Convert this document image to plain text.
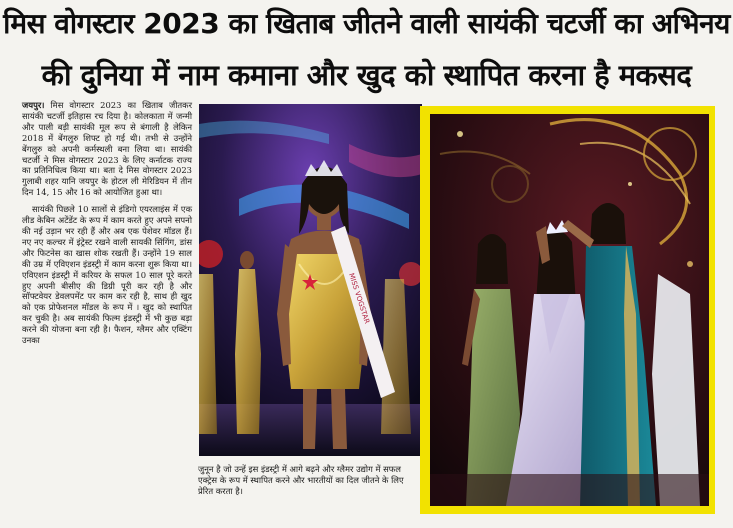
मिस वोगस्टार 2023 का खिताब जीतने वाली सायंकी चटर्जी का अभिनय
की दुनिया में नाम कमाना और खुद को स्थापित करना है मकसद

जयपुर। मिस वोगस्टार 2023 का खिताब जीतकर सायंकी चटर्जी इतिहास रच दिया है। कोलकाता में जन्मी और पाली बड़ी सायंकी मूल रूप से बंगाली है लेकिन 2018 में बेंगलुरु शिफ्ट हो गई थी। तभी से उन्होंने बेंगलुरु को अपनी कर्मस्थली बना लिया था। सायंकी चटर्जी ने मिस वोगस्टार 2023 के लिए कर्नाटक राज्य का प्रतिनिधित्व किया था। बता दे मिस वोगस्टार 2023 गुलाबी शहर यानि जयपुर के होटल ली मेरिडियन में तीन दिन 14, 15 और 16 को आयोजित हुआ था।

सायंकी पिछले 10 सालों से इंडिगो एयरलाइंस में एक लीड केबिन अटेंडेंट के रूप में काम करते हुए अपने सपनो की नई उड़ान भर रही हैं और अब एक पेशेवर मॉडल हैं। नए नए कल्चर में इंट्रेस्ट रखने वाली सायकी सिंगिंग, डांस और फिटनेस का खास शोक रखती हैं। उन्होंने 19 साल की उम्र में एविएशन इंडस्ट्री में काम करना शुरू किया था। एविएशन इंडस्ट्री में करियर के सफल 10 साल पूरे करते हुए अपनी बीसीए की डिग्री पूरी कर रही है और सॉफ्टवेयर डेवलपमेंट पर काम कर रही है, साथ ही खुद को एक प्रोफेशनल मॉडल के रूप में । खुद को स्थापित कर चुकी है। अब सायंकी फिल्म इंडस्ट्री में भी कुछ बड़ा करने की योजना बना रही है। फैशन, ग्लैमर और एक्टिंग उनका

MISS VOGSTAR
जुनून है जो उन्हें इस इंडस्ट्री में आगे बढ़ने और ग्लैमर उद्योग में सफल एक्ट्रेस के रूप में स्थापित करने और भारतीयों का दिल जीतने के लिए प्रेरित करता है।
